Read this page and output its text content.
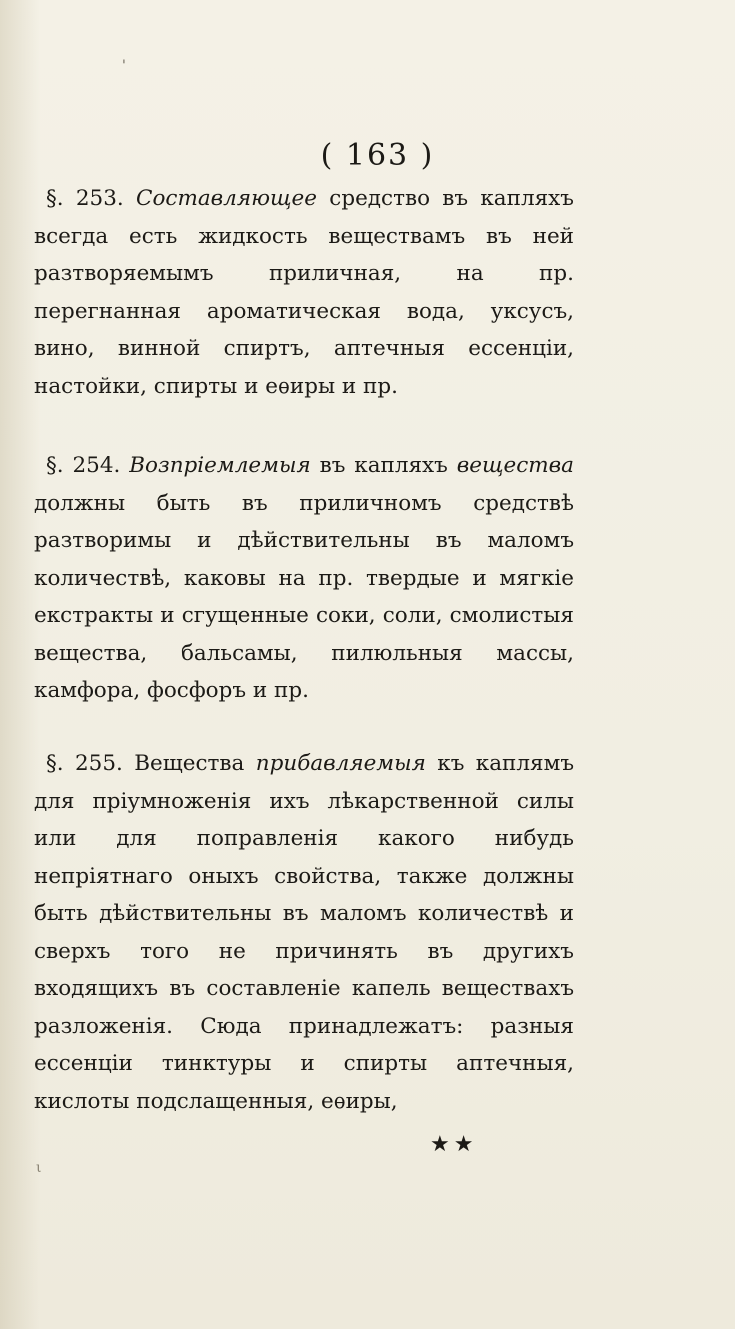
'
( 163 )
§. 253. Составляющее средство въ капляхъ всегда есть жидкость веществамъ въ ней разтворяемымъ приличная, на пр. перегнанная ароматическая вода, уксусъ, вино, винной спиртъ, аптечныя ессенціи, настойки, спирты и еѳиры и пр.
§. 254. Возпріемлемыя въ капляхъ вещества должны быть въ приличномъ средствѣ разтворимы и дѣйствительны въ маломъ количествѣ, каковы на пр. твердые и мягкіе екстракты и сгущенные соки, соли, смолистыя вещества, бальсамы, пилюльныя массы, камфора, фосфоръ и пр.
§. 255. Вещества прибавляемыя къ каплямъ для пріумноженія ихъ лѣкарственной силы или для поправленія какого нибудь непріятнаго оныхъ свойства, также должны быть дѣйствительны въ маломъ количествѣ и сверхъ того не причинять въ другихъ входящихъ въ составленіе капель веществахъ разложенія. Сюда принадлежатъ: разныя ессенціи тинктуры и спирты аптечныя, кислоты подслащенныя, еѳиры,
★★
ι
